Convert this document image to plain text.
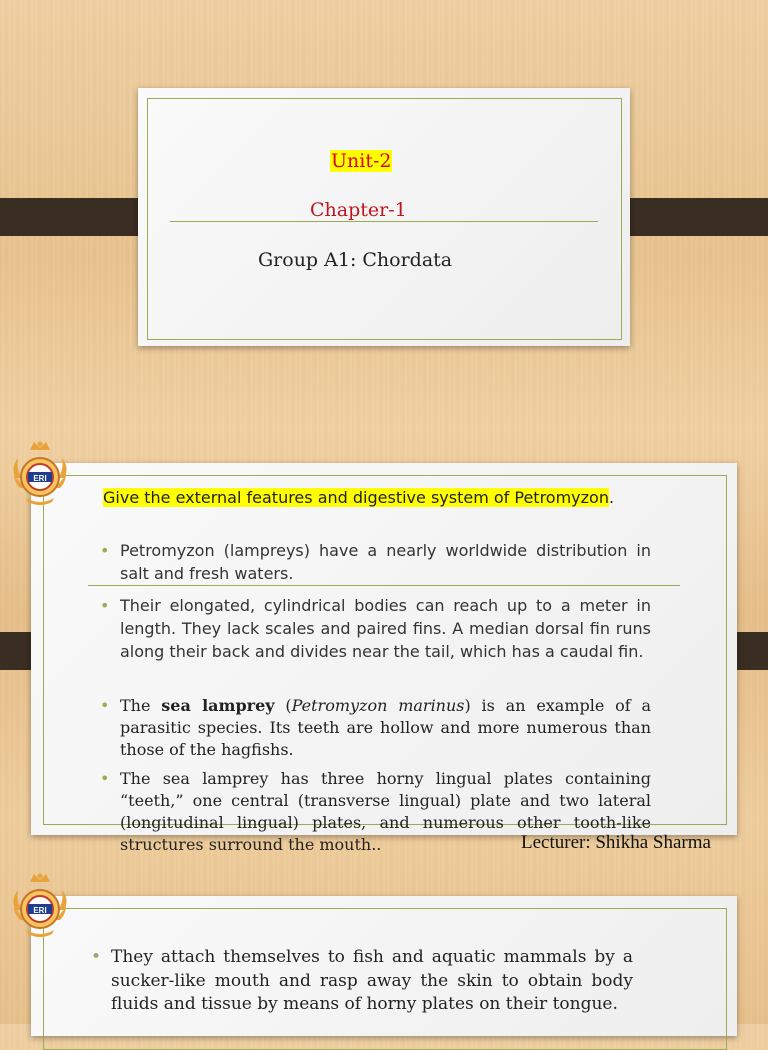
Unit-2
Chapter-1
Group A1: Chordata
ERI
Give the external features and digestive system of Petromyzon.
• Petromyzon (lampreys) have a nearly worldwide distribution in salt and fresh waters.
• Their elongated, cylindrical bodies can reach up to a meter in length. They lack scales and paired fins. A median dorsal fin runs along their back and divides near the tail, which has a caudal fin.
• The sea lamprey (Petromyzon marinus) is an example of a parasitic species. Its teeth are hollow and more numerous than those of the hagfishs.
• The sea lamprey has three horny lingual plates containing “teeth,” one central (transverse lingual) plate and two lateral (longitudinal lingual) plates, and numerous other tooth-like structures surround the mouth..	Lecturer: Shikha Sharma
ERI
• They attach themselves to fish and aquatic mammals by a sucker-like mouth and rasp away the skin to obtain body fluids and tissue by means of horny plates on their tongue.
